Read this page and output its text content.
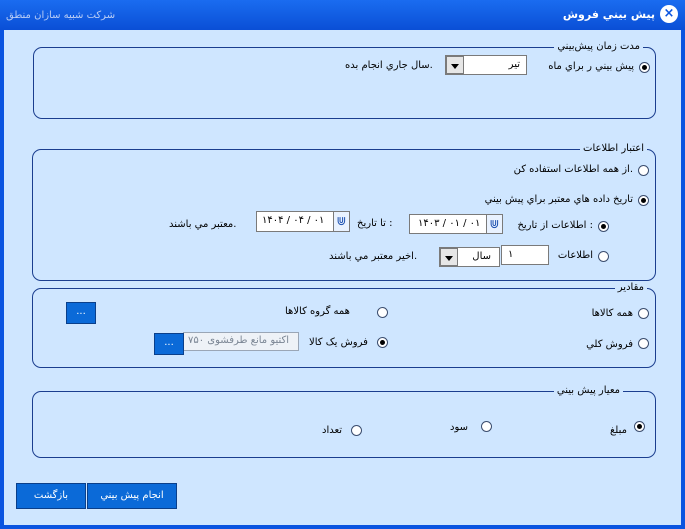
شركت شبيه سازان منطق	پيش بيني فروش ×
مدت زمان پيش‌بيني
پيش بيني ر براي ماه
تير
سال جاري انجام بده.
اعتبار اطلاعات
از همه اطلاعات استفاده كن.
تاريخ داده هاي معتبر براي پيش بيني
اطلاعات از تاريخ :
⋓
۱۴۰۳ / ۰۱ / ۰۱
تا تاريخ :
⋓
۱۴۰۴ / ۰۴ / ۰۱
معتبر مي باشند.
اطلاعات
۱
سال
اخير معتبر مي باشند.
مقادير
همه كالاها
همه گروه كالاها
...
فروش كلي
فروش يک كالا
اكتيو مانع طرفشوی ۷۵۰
...
معيار پيش بيني
مبلغ
سود
تعداد
بازگشت	انجام پيش بيني
